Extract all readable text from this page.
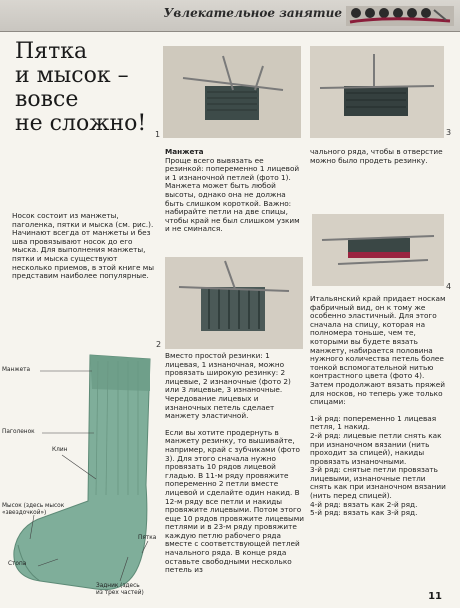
Увлекательное занятие
Пятка
и мысок –
вовсе
не сложно!	1	3
2
4
Носок состоит из манжеты, паголенка, пятки и мыска (см. рис.). Начинают всегда от манжеты и без шва провязывают носок до его мыска. Для выполнения манжеты, пятки и мыска существуют несколько приемов, в этой книге мы представим наиболее популярные.
Манжета

Проще всего вывязать ее резинкой: попеременно 1 лицевой и 1 изнаночной петлей (фото 1). Манжета может быть любой высоты, однако она не должна быть слишком короткой. Важно: набирайте петли на две спицы, чтобы край не был слишком узким и не сминался.

Вместо простой резинки: 1 лицевая, 1 изнаночная, можно провязать широкую резинку: 2 лицевые, 2 изнаночные (фото 2) или 3 лицевые, 3 изнаночные. Чередование лицевых и изнаночных петель сделает манжету эластичной.

Если вы хотите продернуть в манжету резинку, то вышивайте, например, край с зубчиками (фото 3). Для этого сначала нужно провязать 10 рядов лицевой гладью. В 11-м ряду провяжите попеременно 2 петли вместе лицевой и сделайте один накид. В 12-м ряду все петли и накиды провяжите лицевыми. Потом этого еще 10 рядов провяжите лицевыми петлями и в 23-м ряду провяжите каждую петлю рабочего ряда вместе с соответствующей петлей начального ряда. В конце ряда оставьте свободными несколько петель из

чального ряда, чтобы в отверстие можно было продеть резинку.

Итальянский край придает носкам фабричный вид, он к тому же особенно эластичный. Для этого сначала на спицу, которая на полномера тоньше, чем те, которыми вы будете вязать манжету, набирается половина нужного количества петель более тонкой вспомогательной нитью контрастного цвета (фото 4). Затем продолжают вязать пряжей для носков, но теперь уже только спицами:

1-й ряд: попеременно 1 лицевая петля, 1 накид.
2-й ряд: лицевые петли снять как при изнаночном вязании (нить проходит за спицей), накиды провязать изнаночными.
3-й ряд: снятые петли провязать лицевыми, изнаночные петли снять как при изнаночном вязании (нить перед спицей).
4-й ряд: вязать как 2-й ряд.
5-й ряд: вязать как 3-й ряд.
Манжета
Паголенок
Клин
Мысок (здесь мысок «звездочкой»)
Стопа
Задник (здесь из трех частей)
Пятка
11
